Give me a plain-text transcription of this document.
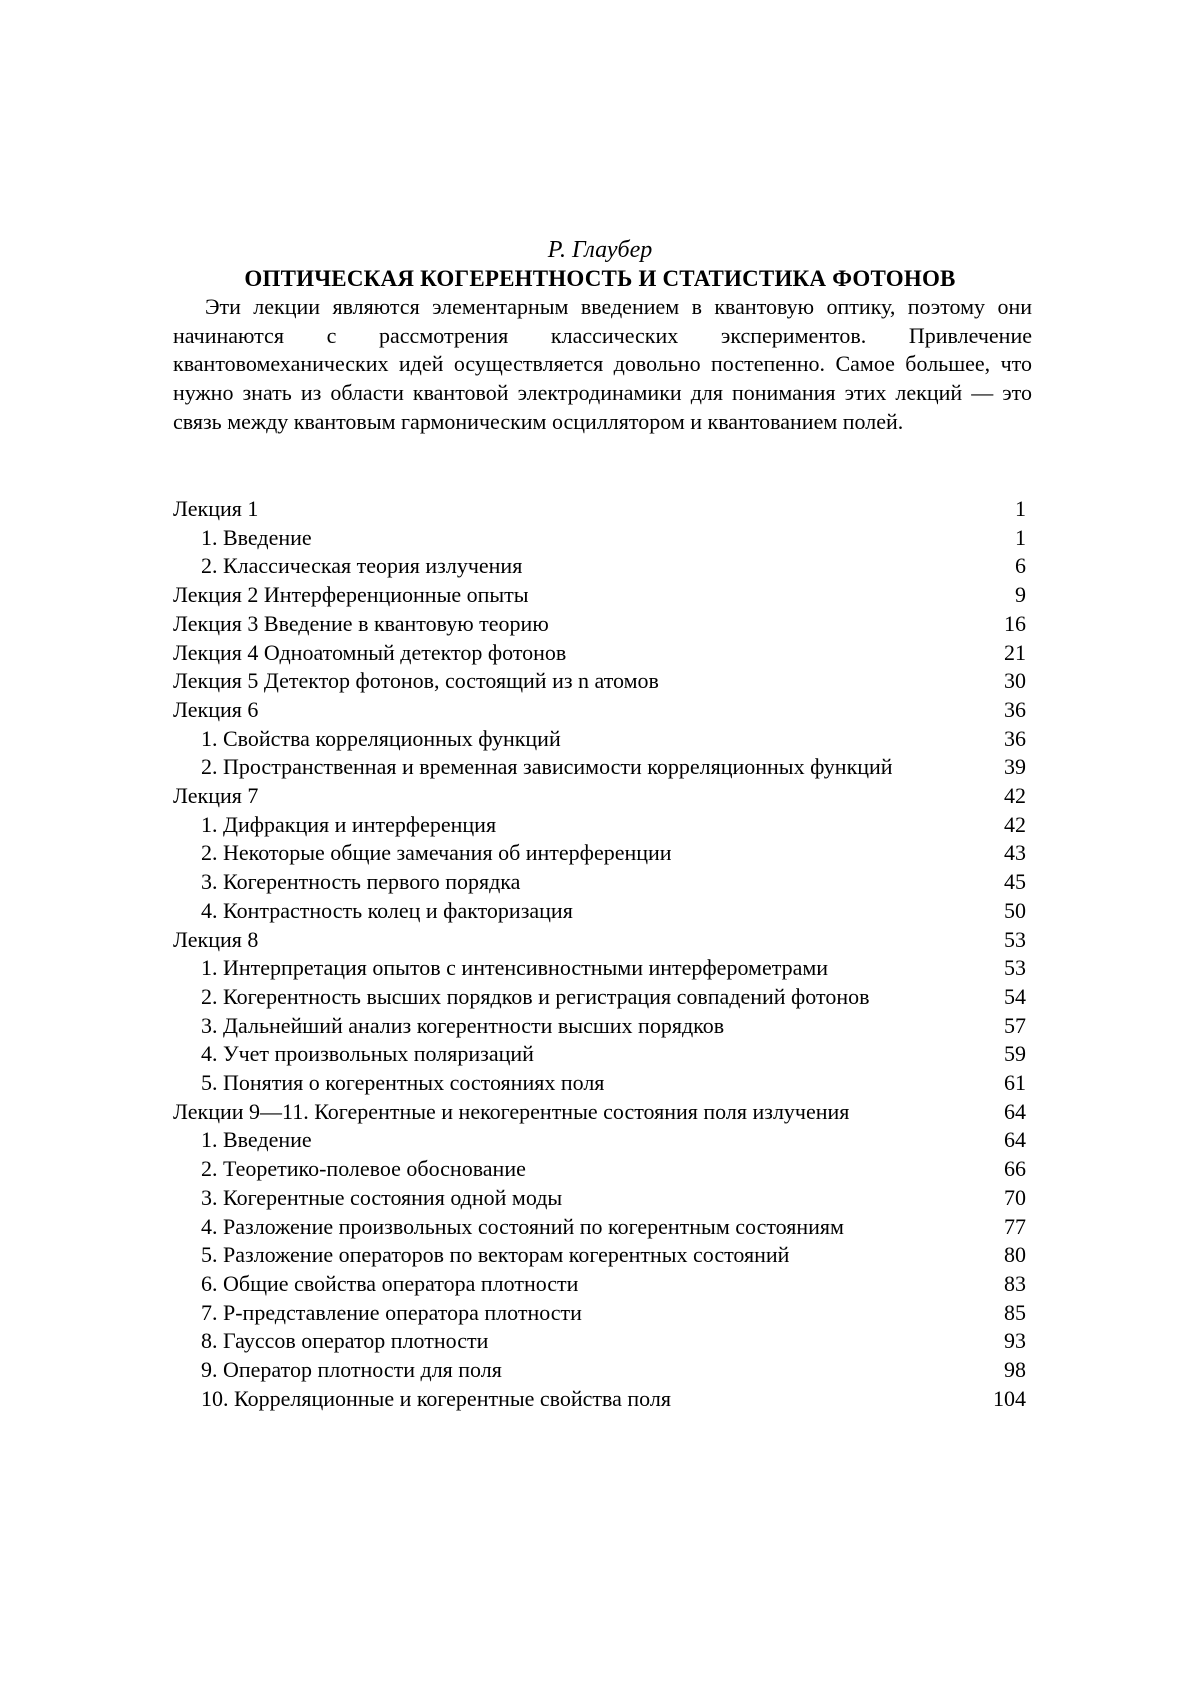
Р. Глаубер
ОПТИЧЕСКАЯ КОГЕРЕНТНОСТЬ И СТАТИСТИКА ФОТОНОВ

Эти лекции являются элементарным введением в квантовую оптику, поэтому они начинаются с рассмотрения классических экспериментов. Привлечение квантовомеханических идей осуществляется довольно постепенно. Самое большее, что нужно знать из области квантовой электродинамики для понимания этих лекций — это связь между квантовым гармоническим осциллятором и квантованием полей.

Лекция 1	1
1. Введение	1
2. Классическая теория излучения	6
Лекция 2 Интерференционные опыты	9
Лекция 3 Введение в квантовую теорию	16
Лекция 4 Одноатомный детектор фотонов	21
Лекция 5 Детектор фотонов, состоящий из n атомов	30
Лекция 6	36
1. Свойства корреляционных функций	36
2. Пространственная и временная зависимости корреляционных функций	39
Лекция 7	42
1. Дифракция и интерференция	42
2. Некоторые общие замечания об интерференции	43
3. Когерентность первого порядка	45
4. Контрастность колец и факторизация	50
Лекция 8	53
1. Интерпретация опытов с интенсивностными интерферометрами	53
2. Когерентность высших порядков и регистрация совпадений фотонов	54
3. Дальнейший анализ когерентности высших порядков	57
4. Учет произвольных поляризаций	59
5. Понятия о когерентных состояниях поля	61
Лекции 9—11. Когерентные и некогерентные состояния поля излучения	64
1. Введение	64
2. Теоретико-полевое обоснование	66
3. Когерентные состояния одной моды	70
4. Разложение произвольных состояний по когерентным состояниям	77
5. Разложение операторов по векторам когерентных состояний	80
6. Общие свойства оператора плотности	83
7. Р-представление оператора плотности	85
8. Гауссов оператор плотности	93
9. Оператор плотности для поля	98
10. Корреляционные и когерентные свойства поля	104
